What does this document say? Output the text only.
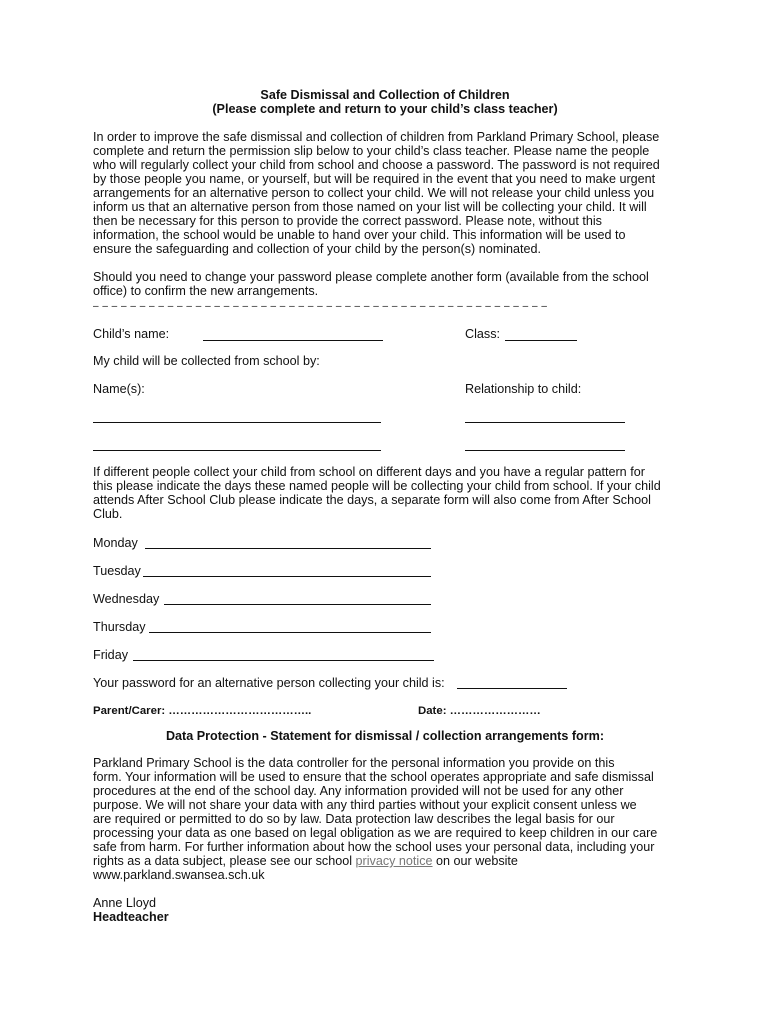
Safe Dismissal and Collection of Children
(Please complete and return to your child’s class teacher)
In order to improve the safe dismissal and collection of children from Parkland Primary School, please
complete and return the permission slip below to your child’s class teacher. Please name the people
who will regularly collect your child from school and choose a password. The password is not required
by those people you name, or yourself, but will be required in the event that you need to make urgent
arrangements for an alternative person to collect your child. We will not release your child unless you
inform us that an alternative person from those named on your list will be collecting your child. It will
then be necessary for this person to provide the correct password. Please note, without this
information, the school would be unable to hand over your child. This information will be used to
ensure the safeguarding and collection of your child by the person(s) nominated.
Should you need to change your password please complete another form (available from the school
office) to confirm the new arrangements.
– – – – – – – – – – – – – – – – – – – – – – – – – – – – – – – – – – – – – – – – – – – – – – – – –
Child’s name:	Class:
My child will be collected from school by:
Name(s):	Relationship to child:
If different people collect your child from school on different days and you have a regular pattern for
this please indicate the days these named people will be collecting your child from school. If your child
attends After School Club please indicate the days, a separate form will also come from After School
Club.
Monday
Tuesday
Wednesday
Thursday
Friday
Your password for an alternative person collecting your child is:
Parent/Carer: ………………………………..	Date: ……………………
Data Protection - Statement for dismissal / collection arrangements form:
Parkland Primary School is the data controller for the personal information you provide on this
form. Your information will be used to ensure that the school operates appropriate and safe dismissal
procedures at the end of the school day. Any information provided will not be used for any other
purpose. We will not share your data with any third parties without your explicit consent unless we
are required or permitted to do so by law. Data protection law describes the legal basis for our
processing your data as one based on legal obligation as we are required to keep children in our care
safe from harm. For further information about how the school uses your personal data, including your
rights as a data subject, please see our school privacy notice on our website
www.parkland.swansea.sch.uk
Anne Lloyd
Headteacher
